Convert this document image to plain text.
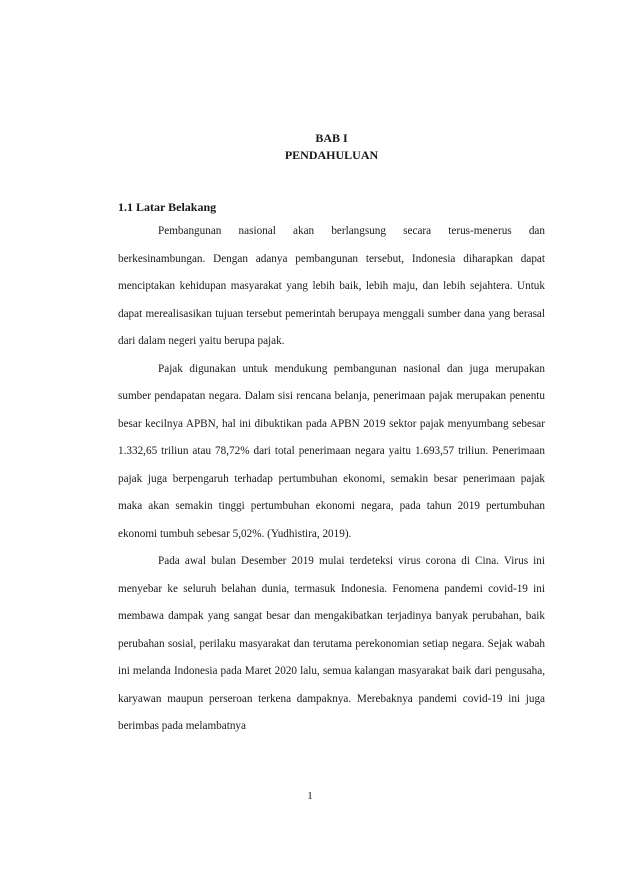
BAB I
PENDAHULUAN
1.1 Latar Belakang

Pembangunan nasional akan berlangsung secara terus-menerus dan berkesinambungan. Dengan adanya pembangunan tersebut, Indonesia diharapkan dapat menciptakan kehidupan masyarakat yang lebih baik, lebih maju, dan lebih sejahtera. Untuk dapat merealisasikan tujuan tersebut pemerintah berupaya menggali sumber dana yang berasal dari dalam negeri yaitu berupa pajak.

Pajak digunakan untuk mendukung pembangunan nasional dan juga merupakan sumber pendapatan negara. Dalam sisi rencana belanja, penerimaan pajak merupakan penentu besar kecilnya APBN, hal ini dibuktikan pada APBN 2019 sektor pajak menyumbang sebesar 1.332,65 triliun atau 78,72% dari total penerimaan negara yaitu 1.693,57 triliun. Penerimaan pajak juga berpengaruh terhadap pertumbuhan ekonomi, semakin besar penerimaan pajak maka akan semakin tinggi pertumbuhan ekonomi negara, pada tahun 2019 pertumbuhan ekonomi tumbuh sebesar 5,02%. (Yudhistira, 2019).

Pada awal bulan Desember 2019 mulai terdeteksi virus corona di Cina. Virus ini menyebar ke seluruh belahan dunia, termasuk Indonesia. Fenomena pandemi covid-19 ini membawa dampak yang sangat besar dan mengakibatkan terjadinya banyak perubahan, baik perubahan sosial, perilaku masyarakat dan terutama perekonomian setiap negara. Sejak wabah ini melanda Indonesia pada Maret 2020 lalu, semua kalangan masyarakat baik dari pengusaha, karyawan maupun perseroan terkena dampaknya. Merebaknya pandemi covid-19 ini juga berimbas pada melambatnya

1
